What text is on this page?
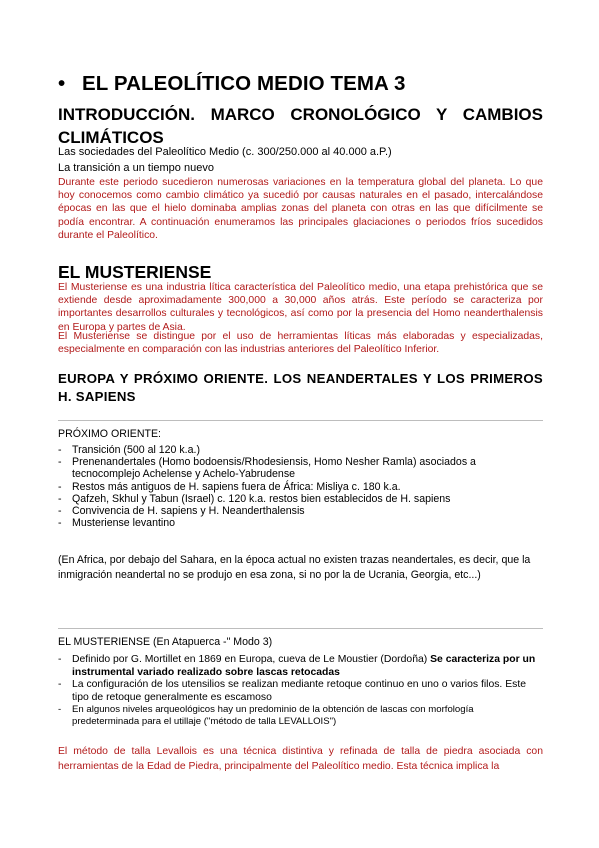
• EL PALEOLÍTICO MEDIO TEMA 3
INTRODUCCIÓN. MARCO CRONOLÓGICO Y CAMBIOS CLIMÁTICOS
Las sociedades del Paleolítico Medio (c. 300/250.000 al 40.000 a.P.)
La transición a un tiempo nuevo
Durante este periodo sucedieron numerosas variaciones en la temperatura global del planeta. Lo que hoy conocemos como cambio climático ya sucedió por causas naturales en el pasado, intercalándose épocas en las que el hielo dominaba amplias zonas del planeta con otras en las que difícilmente se podía encontrar. A continuación enumeramos las principales glaciaciones o periodos fríos sucedidos durante el Paleolítico.
EL MUSTERIENSE
El Musteriense es una industria lítica característica del Paleolítico medio, una etapa prehistórica que se extiende desde aproximadamente 300,000 a 30,000 años atrás. Este período se caracteriza por importantes desarrollos culturales y tecnológicos, así como por la presencia del Homo neanderthalensis en Europa y partes de Asia.
El Musteriense se distingue por el uso de herramientas líticas más elaboradas y especializadas, especialmente en comparación con las industrias anteriores del Paleolítico Inferior.
EUROPA Y PRÓXIMO ORIENTE. LOS NEANDERTALES Y LOS PRIMEROS H. SAPIENS
PRÓXIMO ORIENTE:
- Transición (500 al 120 k.a.)
- Prenenandertales (Homo bodoensis/Rhodesiensis, Homo Nesher Ramla) asociados a tecnocomplejo Achelense y Achelo-Yabrudense
- Restos más antiguos de H. sapiens fuera de África: Misliya c. 180 k.a.
- Qafzeh, Skhul y Tabun (Israel) c. 120 k.a. restos bien establecidos de H. sapiens
- Convivencia de H. sapiens y H. Neanderthalensis
- Musteriense levantino
(En Africa, por debajo del Sahara, en la época actual no existen trazas neandertales, es decir, que la inmigración neandertal no se produjo en esa zona, si no por la de Ucrania, Georgia, etc...)
EL MUSTERIENSE (En Atapuerca -" Modo 3)
- Definido por G. Mortillet en 1869 en Europa, cueva de Le Moustier (Dordoña) Se caracteriza por un instrumental variado realizado sobre lascas retocadas
- La configuración de los utensilios se realizan mediante retoque continuo en uno o varios filos. Este tipo de retoque generalmente es escamoso
- En algunos niveles arqueológicos hay un predominio de la obtención de lascas con morfología predeterminada para el utillaje ("método de talla LEVALLOIS")
El método de talla Levallois es una técnica distintiva y refinada de talla de piedra asociada con herramientas de la Edad de Piedra, principalmente del Paleolítico medio. Esta técnica implica la
